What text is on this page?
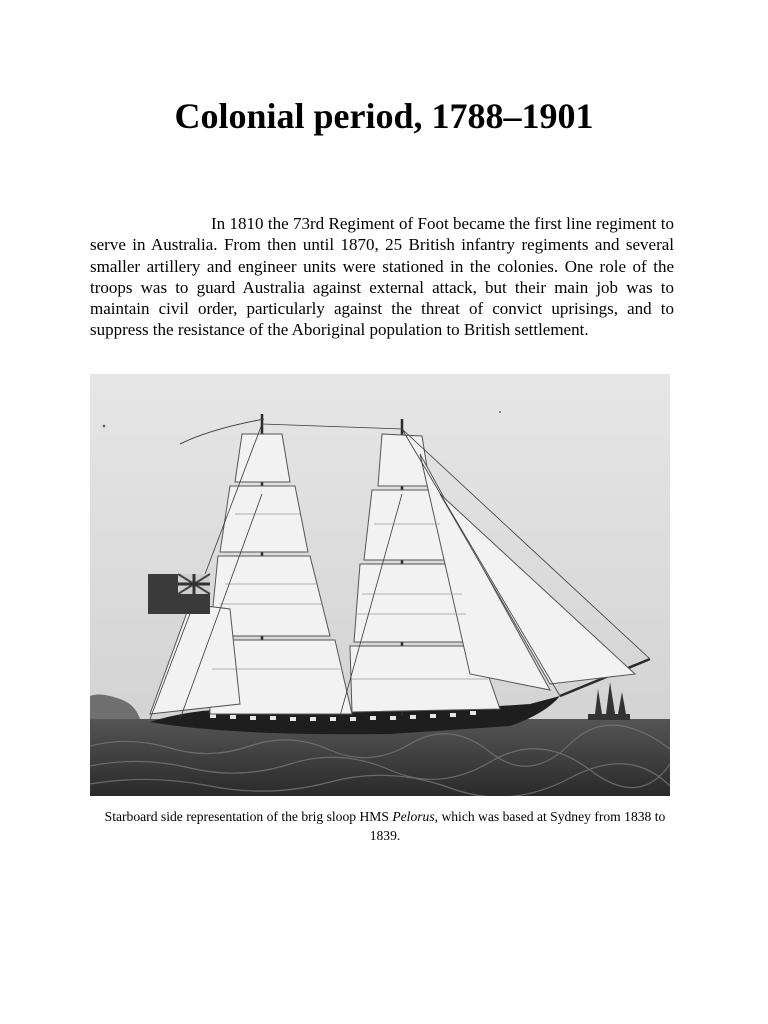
Colonial period, 1788–1901

In 1810 the 73rd Regiment of Foot became the first line regiment to serve in Australia. From then until 1870, 25 British infantry regiments and several smaller artillery and engineer units were stationed in the colonies. One role of the troops was to guard Australia against external attack, but their main job was to maintain civil order, particularly against the threat of convict uprisings, and to suppress the resistance of the Aboriginal population to British settlement.

Starboard side representation of the brig sloop HMS Pelorus, which was based at Sydney from 1838 to 1839.
